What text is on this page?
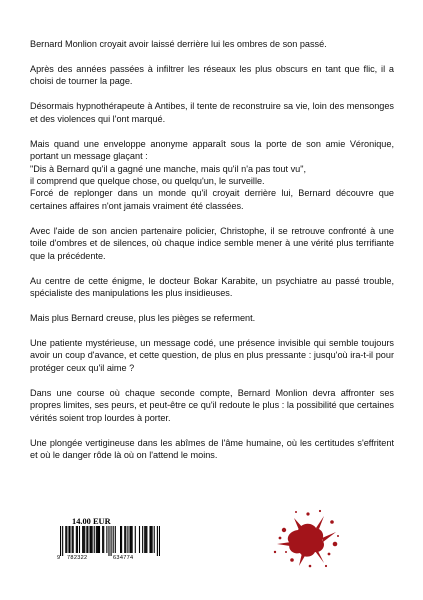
Bernard Monlion croyait avoir laissé derrière lui les ombres de son passé.

Après des années passées à infiltrer les réseaux les plus obscurs en tant que flic, il a choisi de tourner la page.

Désormais hypnothérapeute à Antibes, il tente de reconstruire sa vie, loin des mensonges et des violences qui l'ont marqué.

Mais quand une enveloppe anonyme apparaît sous la porte de son amie Véronique, portant un message glaçant :

"Dis à Bernard qu'il a gagné une manche, mais qu'il n'a pas tout vu",

il comprend que quelque chose, ou quelqu'un, le surveille.

Forcé de replonger dans un monde qu'il croyait derrière lui, Bernard découvre que certaines affaires n'ont jamais vraiment été classées.

Avec l'aide de son ancien partenaire policier, Christophe, il se retrouve confronté à une toile d'ombres et de silences, où chaque indice semble mener à une vérité plus terrifiante que la précédente.

Au centre de cette énigme, le docteur Bokar Karabite, un psychiatre au passé trouble, spécialiste des manipulations les plus insidieuses.

Mais plus Bernard creuse, plus les pièges se referment.

Une patiente mystérieuse, un message codé, une présence invisible qui semble toujours avoir un coup d'avance, et cette question, de plus en plus pressante : jusqu'où ira-t-il pour protéger ceux qu'il aime ?

Dans une course où chaque seconde compte, Bernard Monlion devra affronter ses propres limites, ses peurs, et peut-être ce qu'il redoute le plus : la possibilité que certaines vérités soient trop lourdes à porter.

Une plongée vertigineuse dans les abîmes de l'âme humaine, où les certitudes s'effritent et où le danger rôde là où on l'attend le moins.

14.00 EUR
9 782322	634774
